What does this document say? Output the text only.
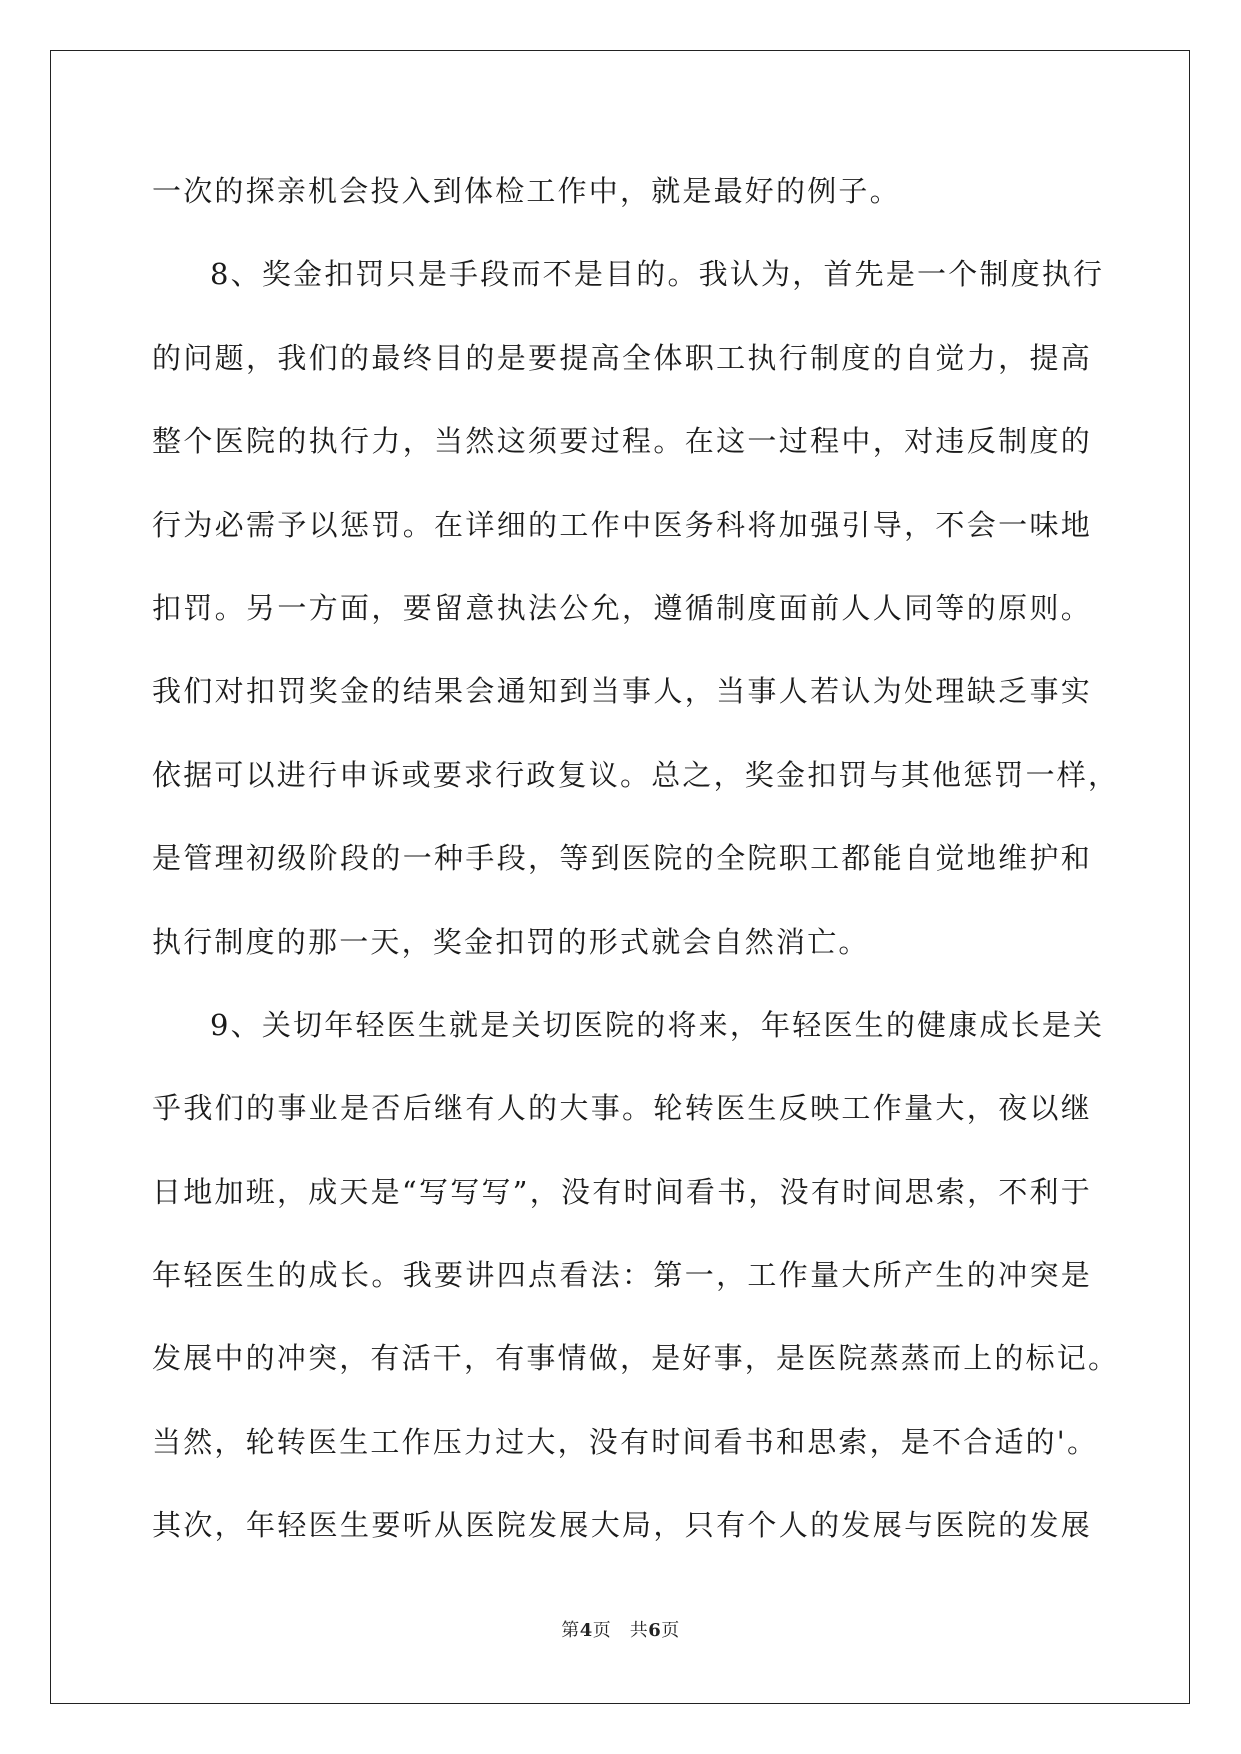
一次的探亲机会投入到体检工作中，就是最好的例子。
8、奖金扣罚只是手段而不是目的。我认为，首先是一个制度执行
的问题，我们的最终目的是要提高全体职工执行制度的自觉力，提高
整个医院的执行力，当然这须要过程。在这一过程中，对违反制度的
行为必需予以惩罚。在详细的工作中医务科将加强引导，不会一味地
扣罚。另一方面，要留意执法公允，遵循制度面前人人同等的原则。
我们对扣罚奖金的结果会通知到当事人，当事人若认为处理缺乏事实
依据可以进行申诉或要求行政复议。总之，奖金扣罚与其他惩罚一样，
是管理初级阶段的一种手段，等到医院的全院职工都能自觉地维护和
执行制度的那一天，奖金扣罚的形式就会自然消亡。
9、关切年轻医生就是关切医院的将来，年轻医生的健康成长是关
乎我们的事业是否后继有人的大事。轮转医生反映工作量大，夜以继
日地加班，成天是“写写写”，没有时间看书，没有时间思索，不利于
年轻医生的成长。我要讲四点看法：第一，工作量大所产生的冲突是
发展中的冲突，有活干，有事情做，是好事，是医院蒸蒸而上的标记。
当然，轮转医生工作压力过大，没有时间看书和思索，是不合适的'。
其次，年轻医生要听从医院发展大局，只有个人的发展与医院的发展
第4页　共6页
